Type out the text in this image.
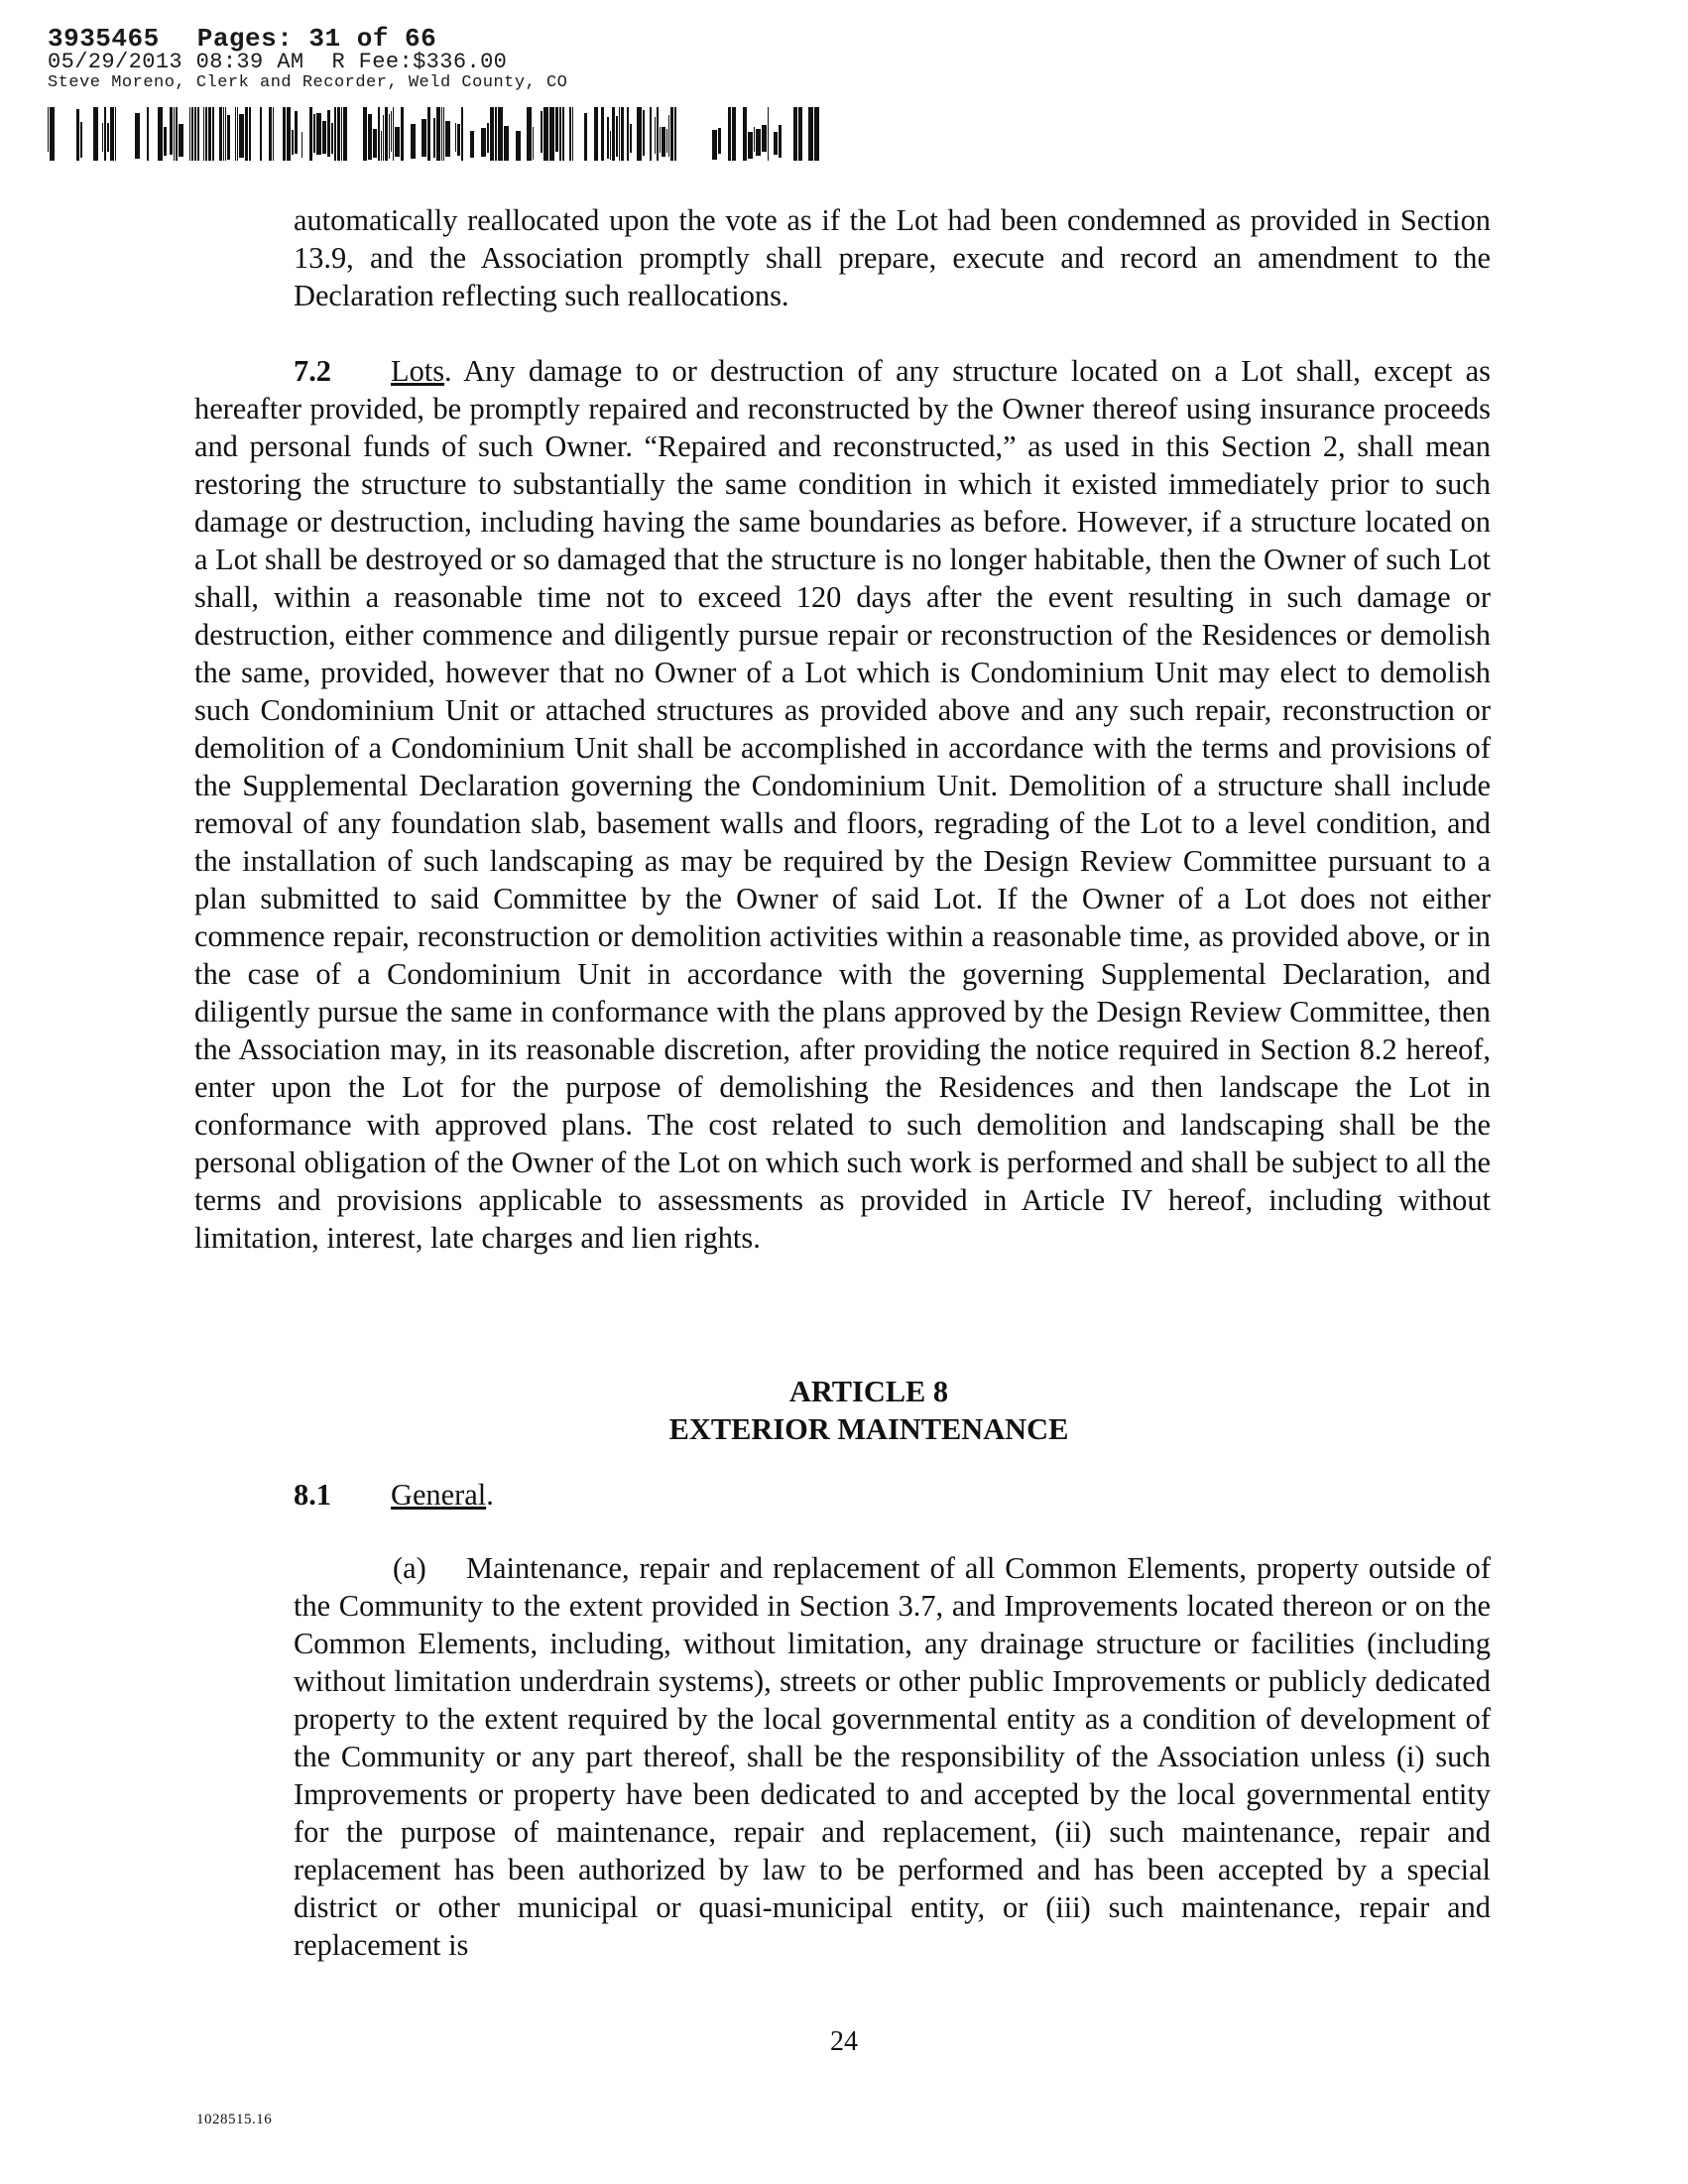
3935465 Pages: 31 of 66
05/29/2013 08:39 AM R Fee:$336.00
Steve Moreno, Clerk and Recorder, Weld County, CO

automatically reallocated upon the vote as if the Lot had been condemned as provided in Section 13.9, and the Association promptly shall prepare, execute and record an amendment to the Declaration reflecting such reallocations.

7.2 Lots. Any damage to or destruction of any structure located on a Lot shall, except as hereafter provided, be promptly repaired and reconstructed by the Owner thereof using insurance proceeds and personal funds of such Owner. “Repaired and reconstructed,” as used in this Section 2, shall mean restoring the structure to substantially the same condition in which it existed immediately prior to such damage or destruction, including having the same boundaries as before. However, if a structure located on a Lot shall be destroyed or so damaged that the structure is no longer habitable, then the Owner of such Lot shall, within a reasonable time not to exceed 120 days after the event resulting in such damage or destruction, either commence and diligently pursue repair or reconstruction of the Residences or demolish the same, provided, however that no Owner of a Lot which is Condominium Unit may elect to demolish such Condominium Unit or attached structures as provided above and any such repair, reconstruction or demolition of a Condominium Unit shall be accomplished in accordance with the terms and provisions of the Supplemental Declaration governing the Condominium Unit. Demolition of a structure shall include removal of any foundation slab, basement walls and floors, regrading of the Lot to a level condition, and the installation of such landscaping as may be required by the Design Review Committee pursuant to a plan submitted to said Committee by the Owner of said Lot. If the Owner of a Lot does not either commence repair, reconstruction or demolition activities within a reasonable time, as provided above, or in the case of a Condominium Unit in accordance with the governing Supplemental Declaration, and diligently pursue the same in conformance with the plans approved by the Design Review Committee, then the Association may, in its reasonable discretion, after providing the notice required in Section 8.2 hereof, enter upon the Lot for the purpose of demolishing the Residences and then landscape the Lot in conformance with approved plans. The cost related to such demolition and landscaping shall be the personal obligation of the Owner of the Lot on which such work is performed and shall be subject to all the terms and provisions applicable to assessments as provided in Article IV hereof, including without limitation, interest, late charges and lien rights.

ARTICLE 8
EXTERIOR MAINTENANCE
8.1 General.

(a) Maintenance, repair and replacement of all Common Elements, property outside of the Community to the extent provided in Section 3.7, and Improvements located thereon or on the Common Elements, including, without limitation, any drainage structure or facilities (including without limitation underdrain systems), streets or other public Improvements or publicly dedicated property to the extent required by the local governmental entity as a condition of development of the Community or any part thereof, shall be the responsibility of the Association unless (i) such Improvements or property have been dedicated to and accepted by the local governmental entity for the purpose of maintenance, repair and replacement, (ii) such maintenance, repair and replacement has been authorized by law to be performed and has been accepted by a special district or other municipal or quasi-municipal entity, or (iii) such maintenance, repair and replacement is

24
1028515.16
